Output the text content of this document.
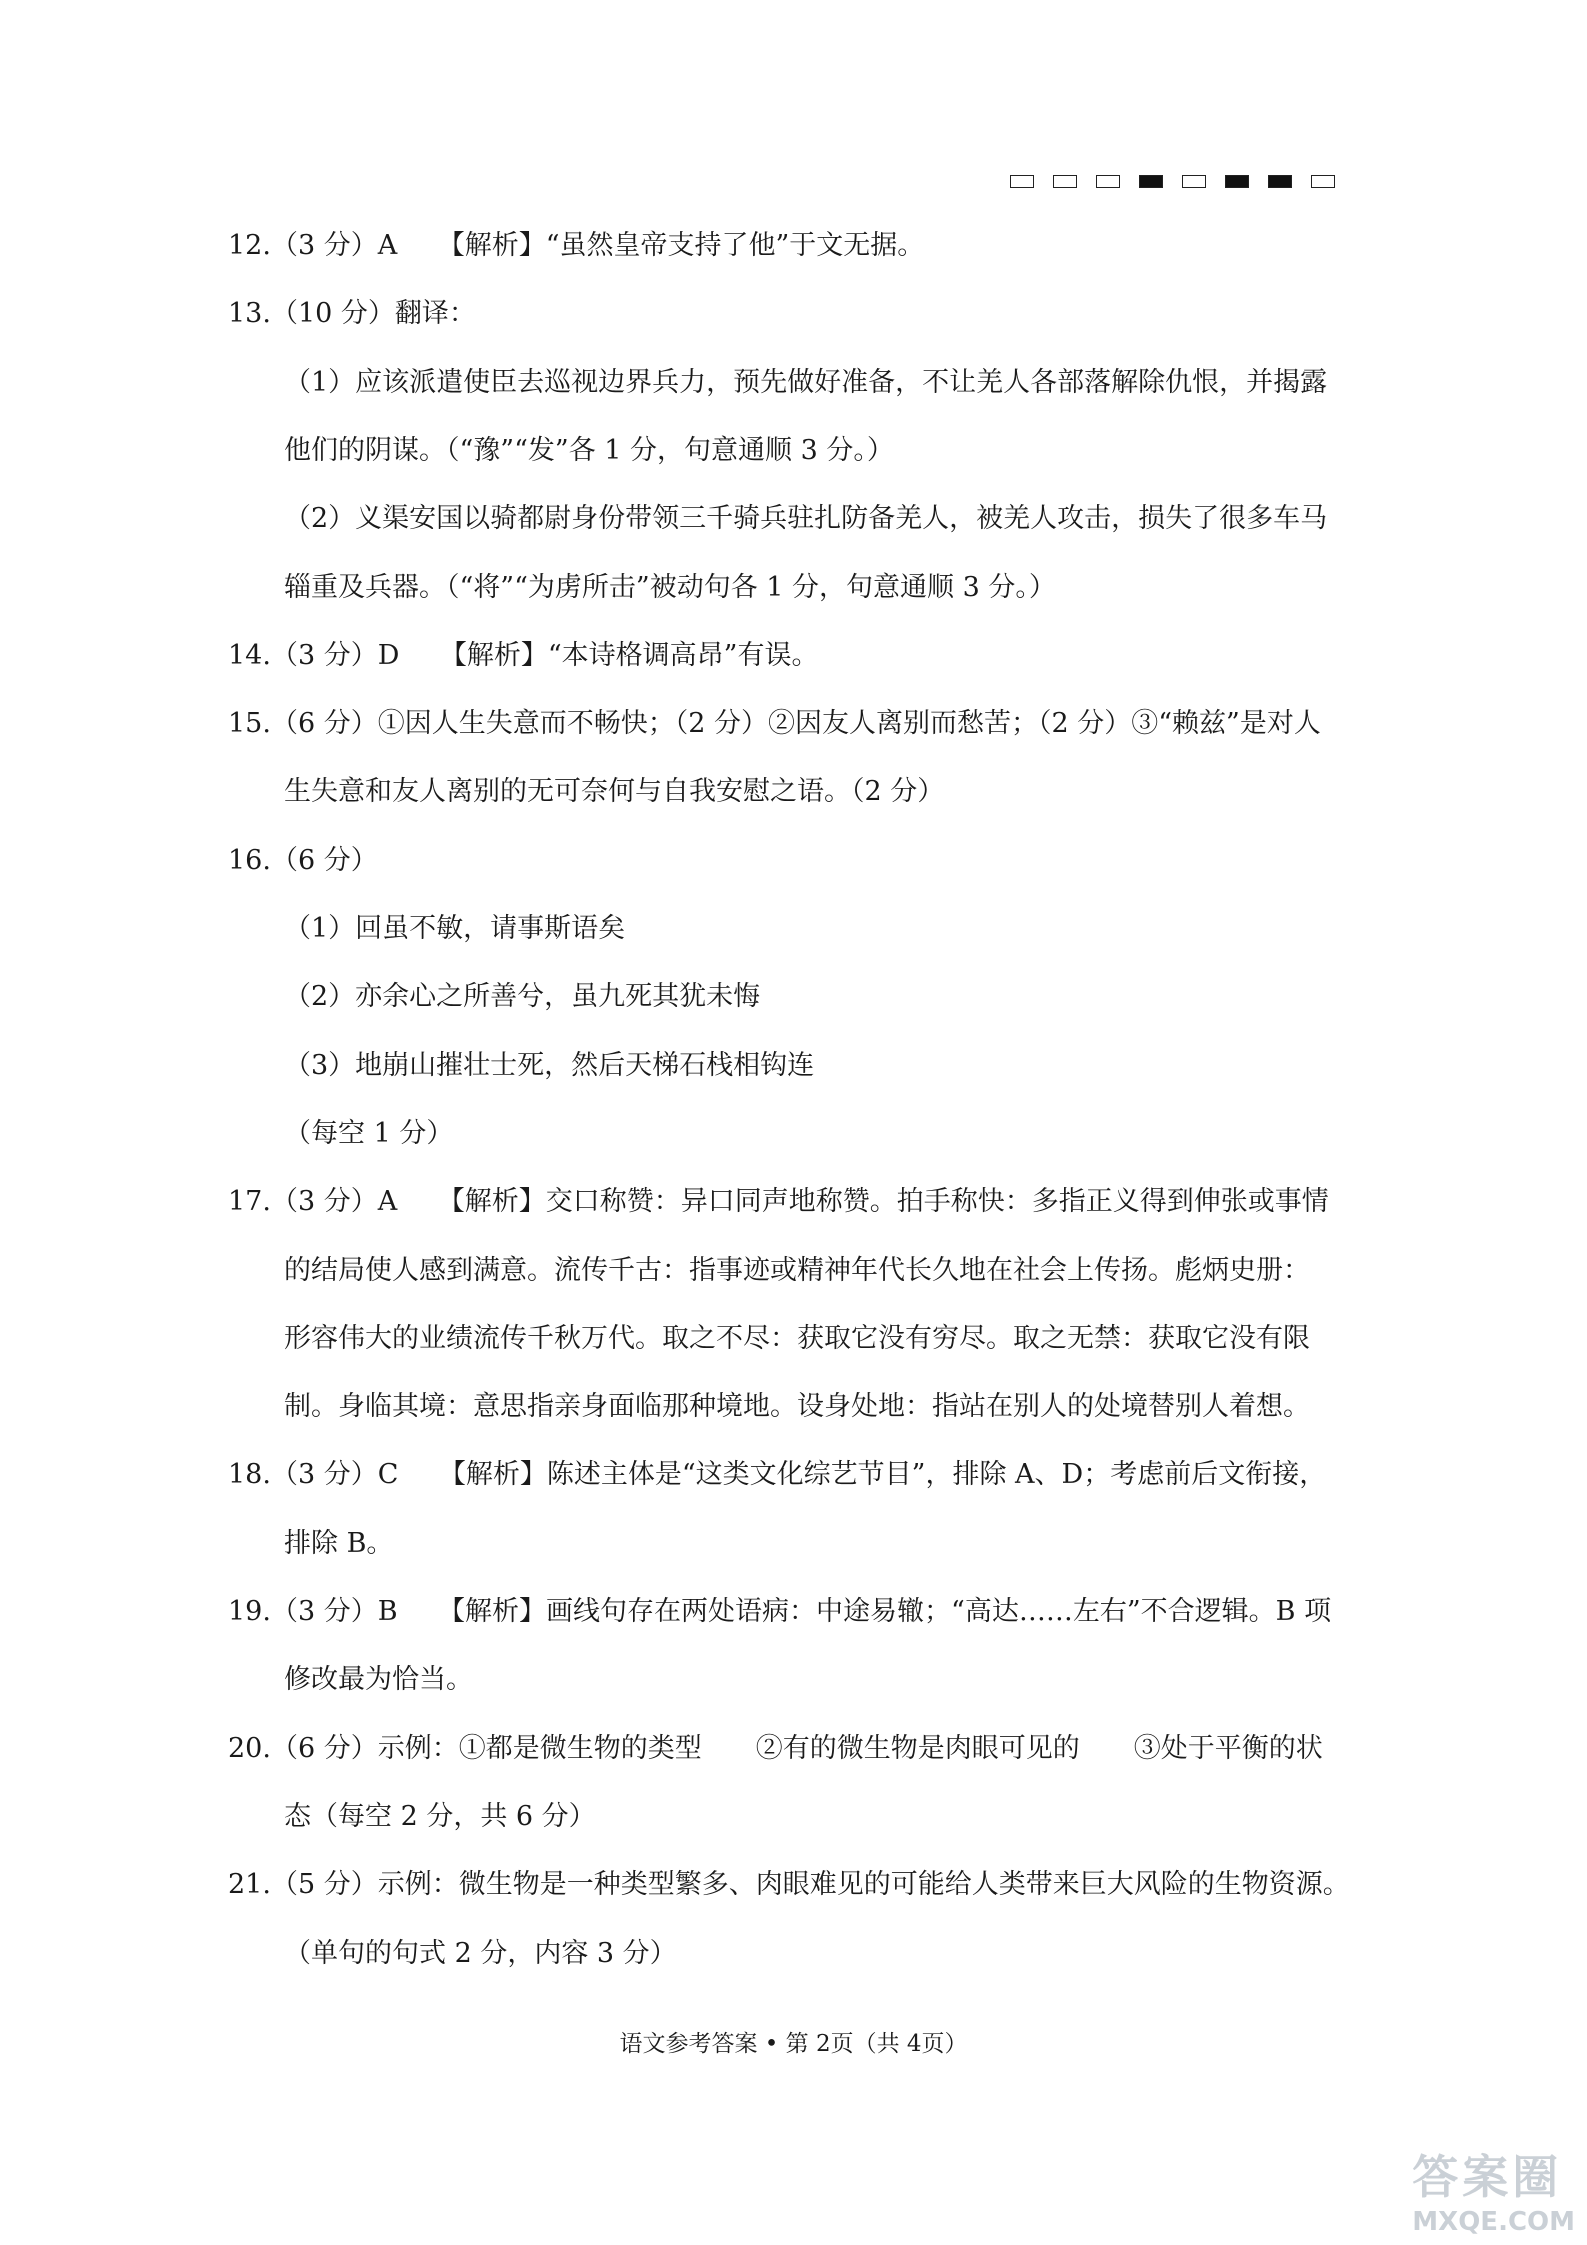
12.（3 分）A　　【解析】“虽然皇帝支持了他”于文无据。
13.（10 分）翻译：
（1）应该派遣使臣去巡视边界兵力，预先做好准备，不让羌人各部落解除仇恨，并揭露
他们的阴谋。（“豫”“发”各 1 分，句意通顺 3 分。）
（2）义渠安国以骑都尉身份带领三千骑兵驻扎防备羌人，被羌人攻击，损失了很多车马
辎重及兵器。（“将”“为虏所击”被动句各 1 分，句意通顺 3 分。）
14.（3 分）D　　【解析】“本诗格调高昂”有误。
15.（6 分）①因人生失意而不畅快；（2 分）②因友人离别而愁苦；（2 分）③“赖兹”是对人
生失意和友人离别的无可奈何与自我安慰之语。（2 分）
16.（6 分）
（1）回虽不敏，请事斯语矣
（2）亦余心之所善兮，虽九死其犹未悔
（3）地崩山摧壮士死，然后天梯石栈相钩连
（每空 1 分）
17.（3 分）A　　【解析】交口称赞：异口同声地称赞。拍手称快：多指正义得到伸张或事情
的结局使人感到满意。流传千古：指事迹或精神年代长久地在社会上传扬。彪炳史册：
形容伟大的业绩流传千秋万代。取之不尽：获取它没有穷尽。取之无禁：获取它没有限
制。身临其境：意思指亲身面临那种境地。设身处地：指站在别人的处境替别人着想。
18.（3 分）C　　【解析】陈述主体是“这类文化综艺节目”，排除 A、D；考虑前后文衔接，
排除 B。
19.（3 分）B　　【解析】画线句存在两处语病：中途易辙；“高达……左右”不合逻辑。B 项
修改最为恰当。
20.（6 分）示例：①都是微生物的类型　　②有的微生物是肉眼可见的　　③处于平衡的状
态（每空 2 分，共 6 分）
21.（5 分）示例：微生物是一种类型繁多、肉眼难见的可能给人类带来巨大风险的生物资源。
（单句的句式 2 分，内容 3 分）
语文参考答案 • 第 2页（共 4页）
答案圈
MXQE.COM
